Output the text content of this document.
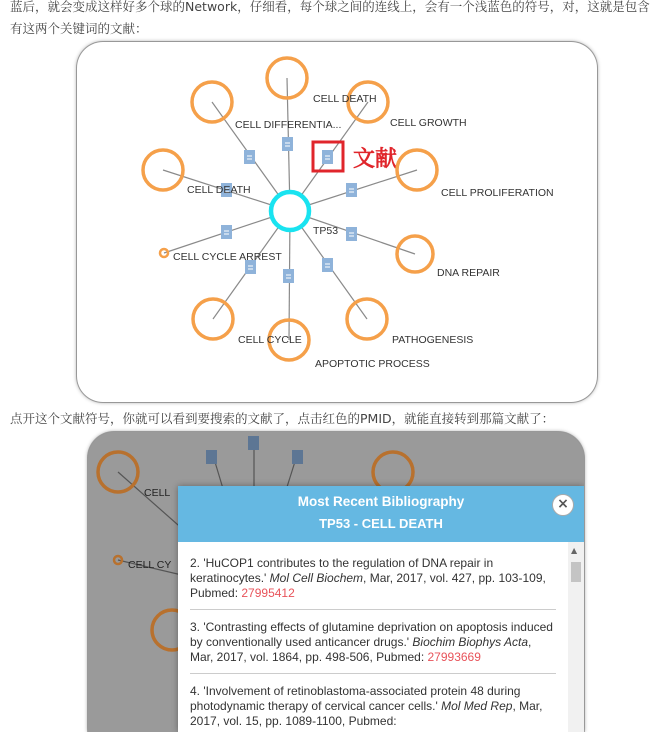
蓝后，就会变成这样好多个球的Network，仔细看，每个球之间的连线上，会有一个浅蓝色的符号，对，这就是包含有这两个关键词的文献：
文献
CELL DEATH
CELL DIFFERENTIA...	CELL GROWTH
CELL DEATH	CELL PROLIFERATION
TP53
CELL CYCLE ARREST
DNA REPAIR
CELL CYCLE	PATHOGENESIS
APOPTOTIC PROCESS
点开这个文献符号，你就可以看到要搜索的文献了，点击红色的PMID，就能直接转到那篇文献了：
CELL
CELL CY
Most Recent Bibliography
TP53 - CELL DEATH
×
2. 'HuCOP1 contributes to the regulation of DNA repair in keratinocytes.' Mol Cell Biochem, Mar, 2017, vol. 427, pp. 103-109, Pubmed: 27995412
3. 'Contrasting effects of glutamine deprivation on apoptosis induced by conventionally used anticancer drugs.' Biochim Biophys Acta, Mar, 2017, vol. 1864, pp. 498-506, Pubmed: 27993669
4. 'Involvement of retinoblastoma-associated protein 48 during photodynamic therapy of cervical cancer cells.' Mol Med Rep, Mar, 2017, vol. 15, pp. 1089-1100, Pubmed:
▲
